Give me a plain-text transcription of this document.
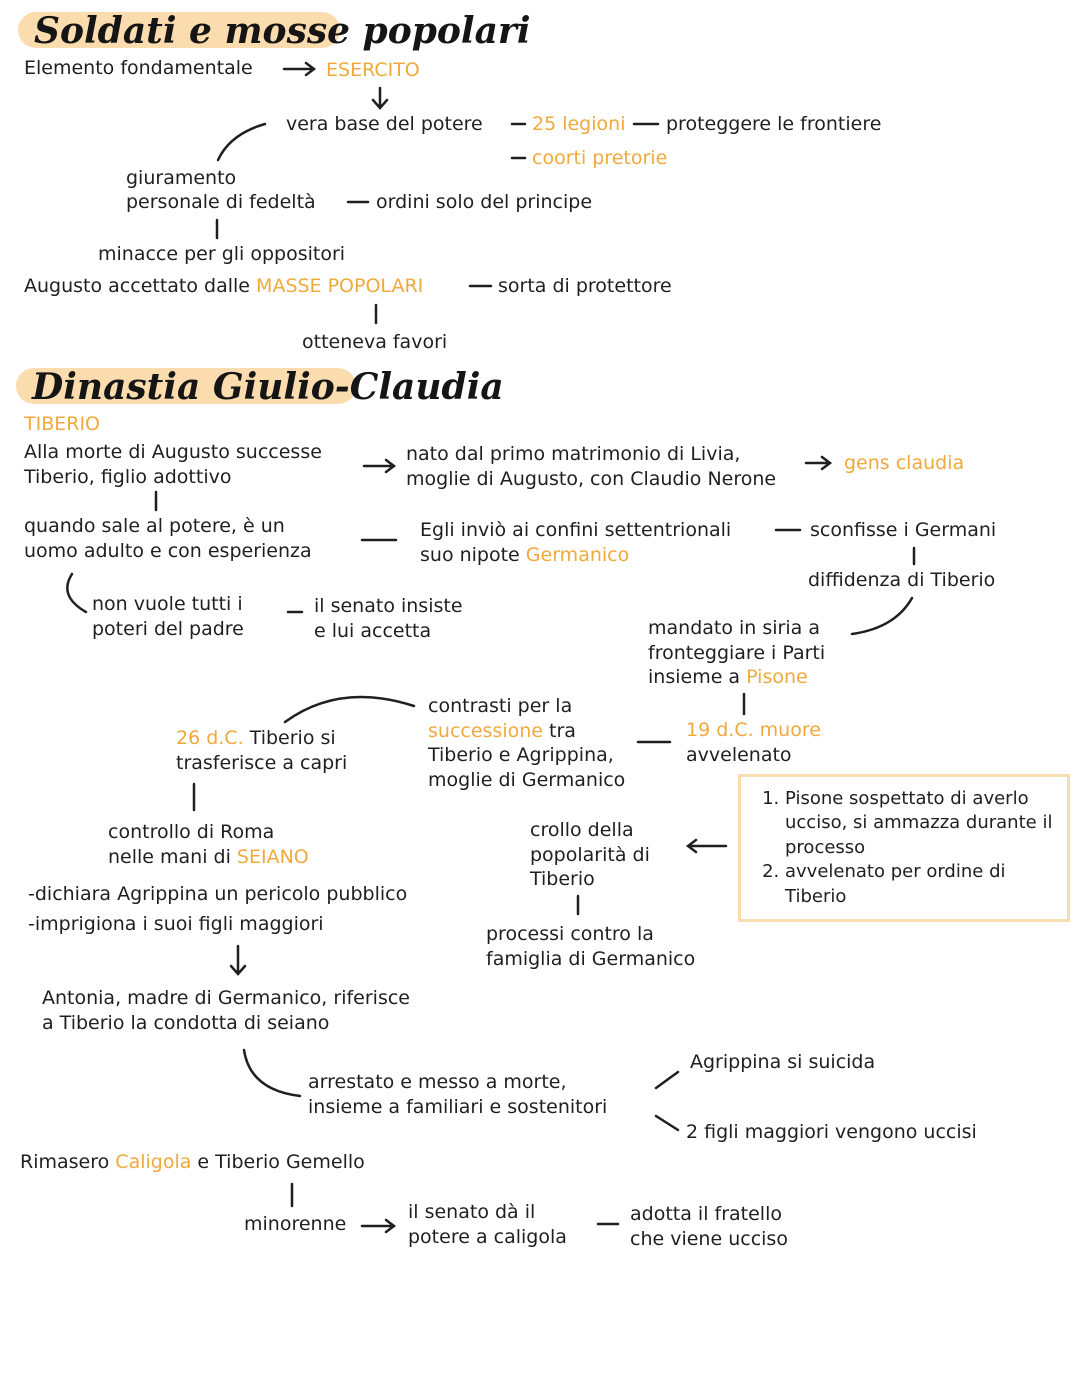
Soldati e mosse popolari
Elemento fondamentale	ESERCITO
vera base del potere	25 legioni proteggere le frontiere
coorti pretorie
giuramento
personale di fedeltà	ordini solo del principe
minacce per gli oppositori
Augusto accettato dalle MASSE POPOLARI	sorta di protettore
otteneva favori
Dinastia Giulio-Claudia
TIBERIO
Alla morte di Augusto successe
Tiberio, figlio adottivo
nato dal primo matrimonio di Livia,
moglie di Augusto, con Claudio Nerone
gens claudia
quando sale al potere, è un
uomo adulto e con esperienza
Egli inviò ai confini settentrionali
suo nipote Germanico
sconfisse i Germani
diffidenza di Tiberio
non vuole tutti i
poteri del padre
il senato insiste
e lui accetta	mandato in siria a
fronteggiare i Parti
insieme a Pisone
contrasti per la
successione tra
Tiberio e Agrippina,
moglie di Germanico
19 d.C. muore
avvelenato
26 d.C. Tiberio si
trasferisce a capri
1. Pisone sospettato di averlo ucciso, si ammazza durante il processo
2. avvelenato per ordine di Tiberio
controllo di Roma
nelle mani di SEIANO
crollo della
popolarità di
Tiberio
-dichiara Agrippina un pericolo pubblico
-imprigiona i suoi figli maggiori	processi contro la
famiglia di Germanico
Antonia, madre di Germanico, riferisce
a Tiberio la condotta di seiano
arrestato e messo a morte,
insieme a familiari e sostenitori
Agrippina si suicida
2 figli maggiori vengono uccisi
Rimasero Caligola e Tiberio Gemello
minorenne
il senato dà il
potere a caligola
adotta il fratello
che viene ucciso
